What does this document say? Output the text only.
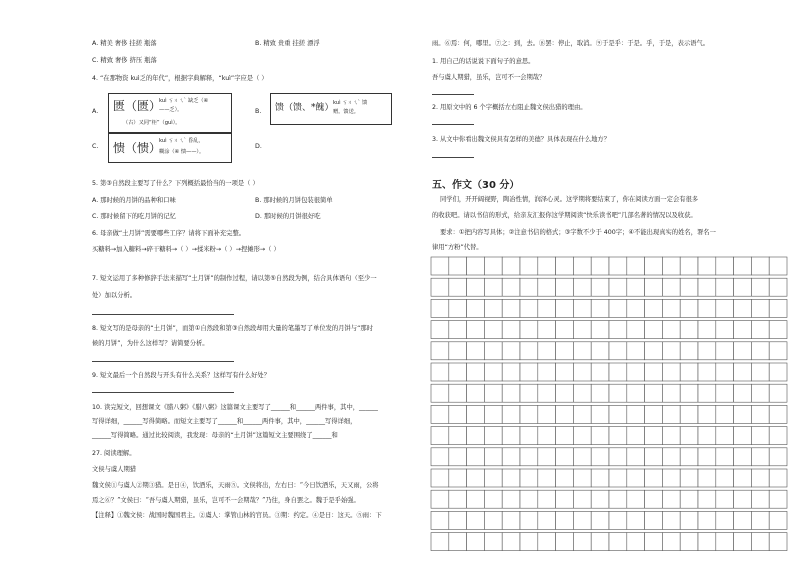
A. 精美 奢侈 挂搓 瓶落	B. 精致 贵重 挂搓 漂浮
C. 精致 奢侈 挤压 瓶落
4. “在那物资 kuì乏的年代”，根据字典解释，“kuì”字应是（ ）
A. 匮（匮）
kuì ㄎㄨㄟˋ 缺乏（④
——乏）。
（古）又同“柜”（guì）。
B. 馈（馈、*餽） kuì ㄎㄨㄟˋ 馈
赠。馈送。
C. 愦（愦）
kuì ㄎㄨㄟˋ 昏乱，
糊涂（④ 愦——）。
D.
5. 第③自然段主要写了什么？下列概括最恰当的一项是（ ）
A. 那时候的月饼的品种和口味	B. 那时候的月饼包装很简单
C. 那时候留下的吃月饼的记忆	D. 那时候的月饼很好吃
6. 母亲做“土月饼”需要哪些工序？请将下面补充完整。
买糖料→加入糖料→碎干糖料→（ ）→揉米粉→（ ）→捏摊形→（ ）
7. 短文运用了多种修辞手法来描写“土月饼”的制作过程，请以第⑤自然段为例，结合具体语句（至少一
处）加以分析。
8. 短文写的是母亲的“土月饼”，而第①自然段和第③自然段却用大量的笔墨写了单位发的月饼与“那时
候的月饼”，为什么这样写？请简要分析。
9. 短文最后一个自然段与开头有什么关系？这样写有什么好处？
10. 读完短文，回想课文《腊八粥》《腊八粥》这篇课文主要写了______和______两件事，其中，______
写得详细，______写得简略。而短文主要写了______和______两件事，其中，______写得详细，
______写得简略。通过比较阅读，我发现：母亲的“土月饼”这篇短文主要围绕了______和
27. 阅读理解。
文侯与虞人期猎
魏文侯①与虞人②期③猎。是日④，饮酒乐，天雨⑤。文侯将出，左右曰：“今日饮酒乐，天又雨，公将
焉之⑥？”文侯曰：“吾与虞人期猎，虽乐，岂可不一会期哉？”乃往，身自罢之。魏于是乎始强。
【注释】①魏文侯：战国时魏国君主。②虞人：掌管山林的官员。③期：约定。④是日：这天。⑤雨：下
雨。⑥焉：何，哪里。⑦之：到，去。⑧罢：停止，取消。⑨于是乎：于是。乎，于是，表示语气。
1. 用自己的话说说下面句子的意思。
吾与虞人期猎，虽乐，岂可不一会期哉？
2. 用原文中的 6 个字概括左右阻止魏文侯出猎的理由。
3. 从文中你看出魏文侯具有怎样的美德？具体表现在什么地方？
五、作文（30 分）
同学们，开开阔视野，陶冶性情，润泽心灵。这学期将要结束了，你在阅读方面一定会有很多
的收获吧。请以书信的形式，给亲友汇报你这学期阅读“快乐读书吧”几部名著的情况以及收获。
要求：①把内容写具体；②注意书信的格式；③字数不少于 400字；④不能出现真实的姓名，署名一
律用“方粉”代替。
